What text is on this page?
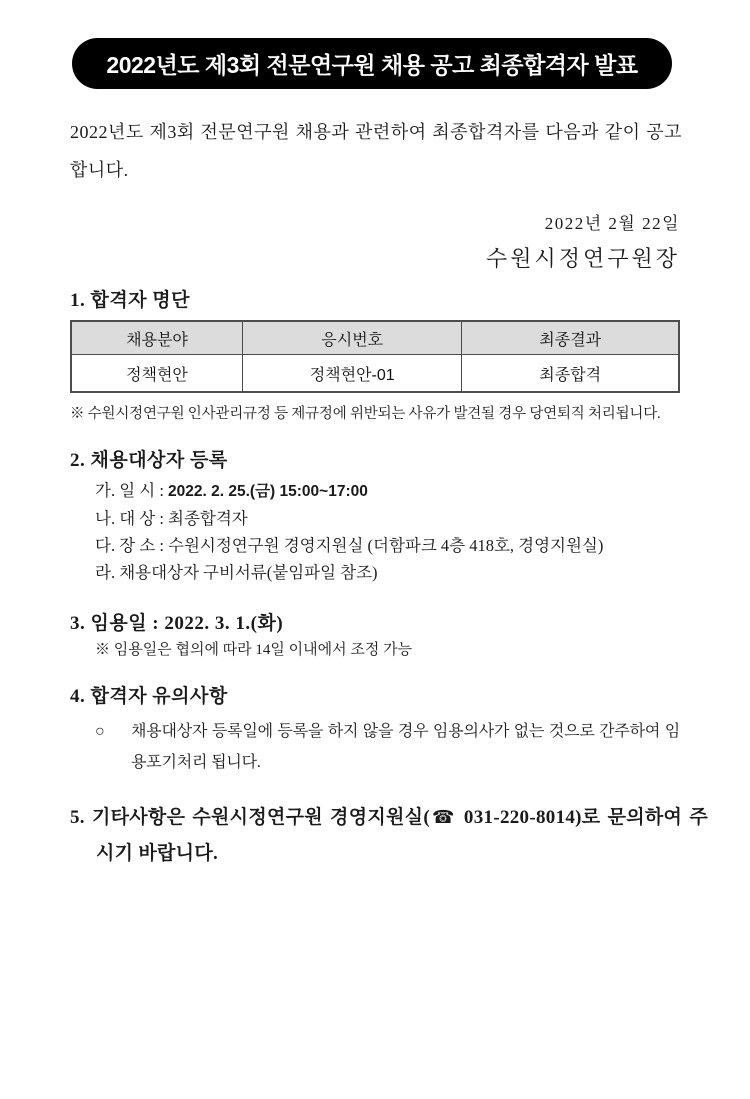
2022년도 제3회 전문연구원 채용 공고 최종합격자 발표

2022년도 제3회 전문연구원 채용과 관련하여 최종합격자를 다음과 같이 공고합니다.

2022년 2월 22일
수원시정연구원장
1. 합격자 명단
채용분야	응시번호	최종결과
정책현안	정책현안-01	최종합격

※ 수원시정연구원 인사관리규정 등 제규정에 위반되는 사유가 발견될 경우 당연퇴직 처리됩니다.

2. 채용대상자 등록
가. 일 시 : 2022. 2. 25.(금) 15:00~17:00
나. 대 상 : 최종합격자
다. 장 소 : 수원시정연구원 경영지원실 (더함파크 4층 418호, 경영지원실)
라. 채용대상자 구비서류(붙임파일 참조)
3. 임용일 : 2022. 3. 1.(화)

※ 임용일은 협의에 따라 14일 이내에서 조정 가능

4. 합격자 유의사항
○	채용대상자 등록일에 등록을 하지 않을 경우 임용의사가 없는 것으로 간주하여 임용포기처리 됩니다.

5. 기타사항은 수원시정연구원 경영지원실(☎ 031-220-8014)로 문의하여 주시기 바랍니다.
